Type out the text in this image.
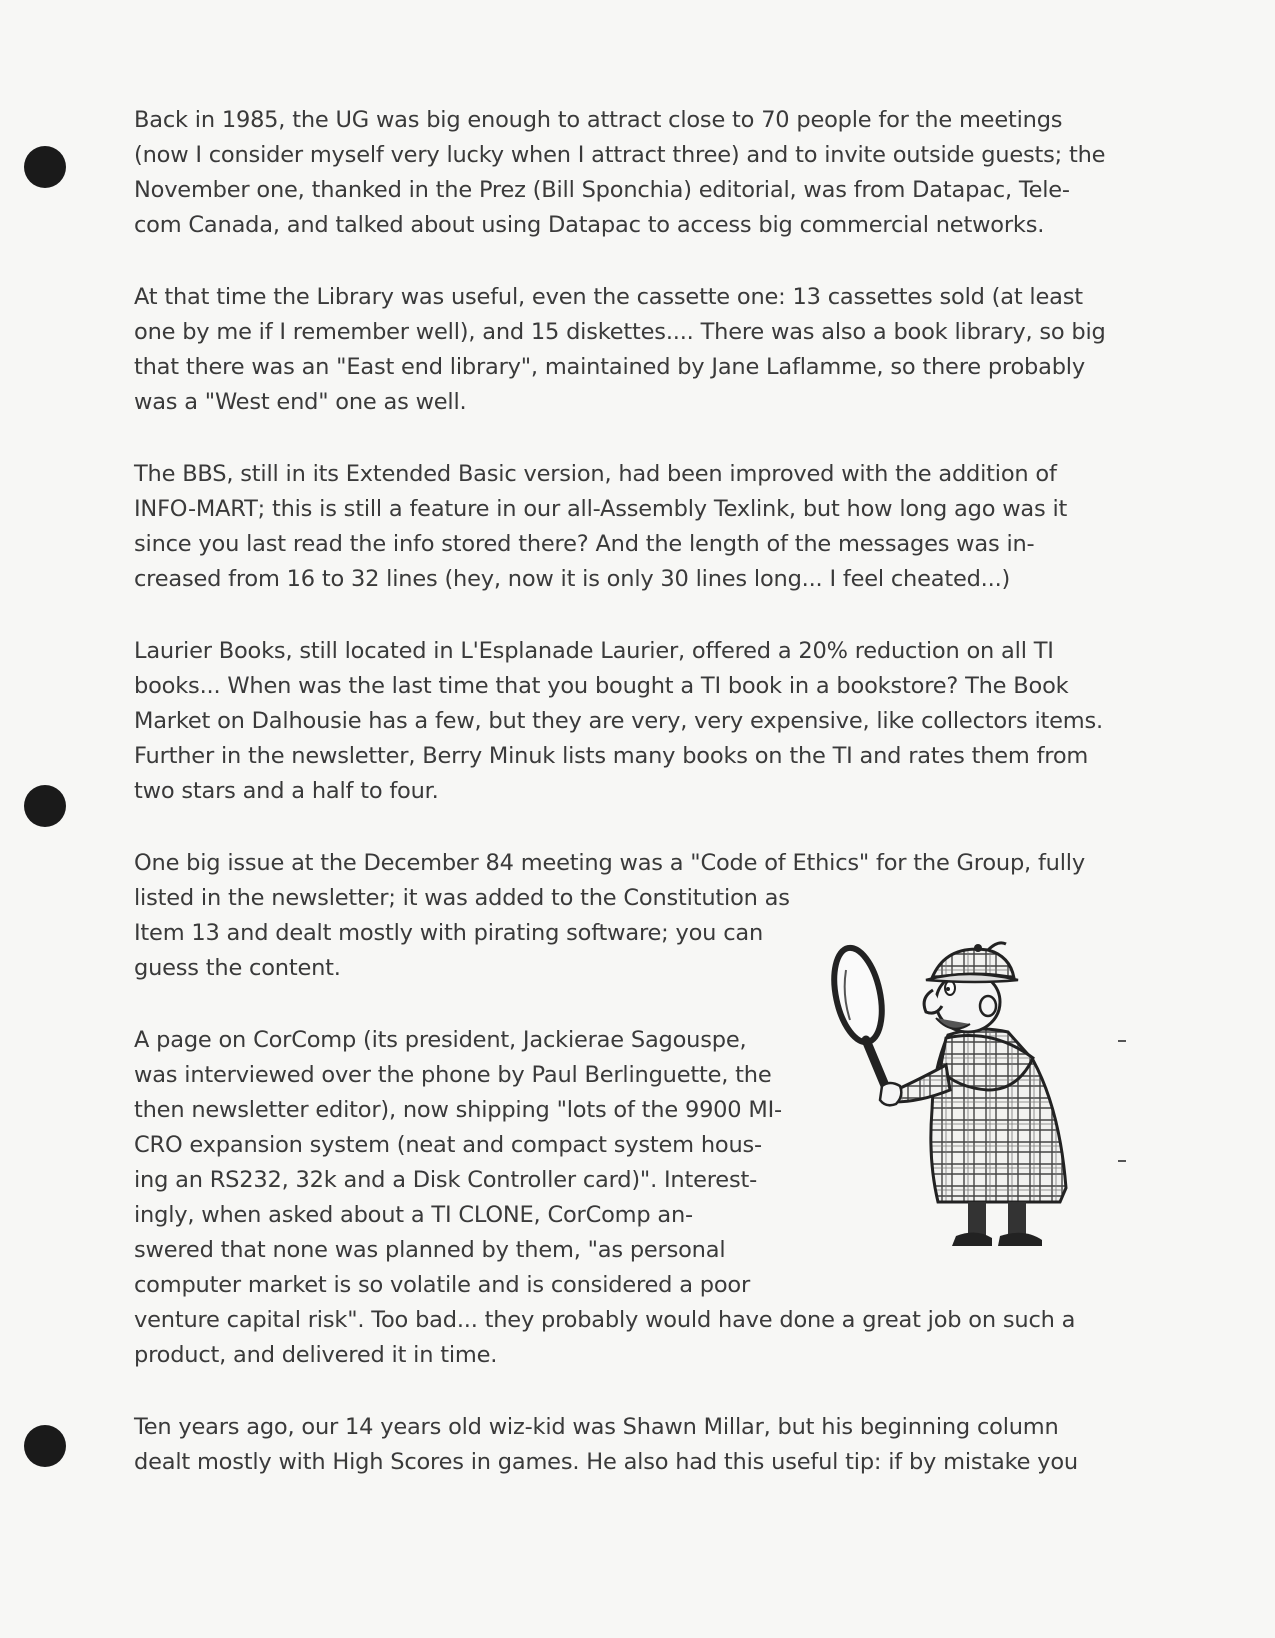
Back in 1985, the UG was big enough to attract close to 70 people for the meetings
(now I consider myself very lucky when I attract three) and to invite outside guests; the
November one, thanked in the Prez (Bill Sponchia) editorial, was from Datapac, Tele-
com Canada, and talked about using Datapac to access big commercial networks.

At that time the Library was useful, even the cassette one: 13 cassettes sold (at least
one by me if I remember well), and 15 diskettes.... There was also a book library, so big
that there was an "East end library", maintained by Jane Laflamme, so there probably
was a "West end" one as well.

The BBS, still in its Extended Basic version, had been improved with the addition of
INFO-MART; this is still a feature in our all-Assembly Texlink, but how long ago was it
since you last read the info stored there? And the length of the messages was in-
creased from 16 to 32 lines (hey, now it is only 30 lines long... I feel cheated...)

Laurier Books, still located in L'Esplanade Laurier, offered a 20% reduction on all TI
books... When was the last time that you bought a TI book in a bookstore? The Book
Market on Dalhousie has a few, but they are very, very expensive, like collectors items.
Further in the newsletter, Berry Minuk lists many books on the TI and rates them from
two stars and a half to four.

One big issue at the December 84 meeting was a "Code of Ethics" for the Group, fully
listed in the newsletter; it was added to the Constitution as
Item 13 and dealt mostly with pirating software; you can
guess the content.

A page on CorComp (its president, Jackierae Sagouspe,
was interviewed over the phone by Paul Berlinguette, the
then newsletter editor), now shipping "lots of the 9900 MI-
CRO expansion system (neat and compact system hous-
ing an RS232, 32k and a Disk Controller card)". Interest-
ingly, when asked about a TI CLONE, CorComp an-
swered that none was planned by them, "as personal
computer market is so volatile and is considered a poor
venture capital risk". Too bad... they probably would have done a great job on such a
product, and delivered it in time.

Ten years ago, our 14 years old wiz-kid was Shawn Millar, but his beginning column
dealt mostly with High Scores in games. He also had this useful tip: if by mistake you
